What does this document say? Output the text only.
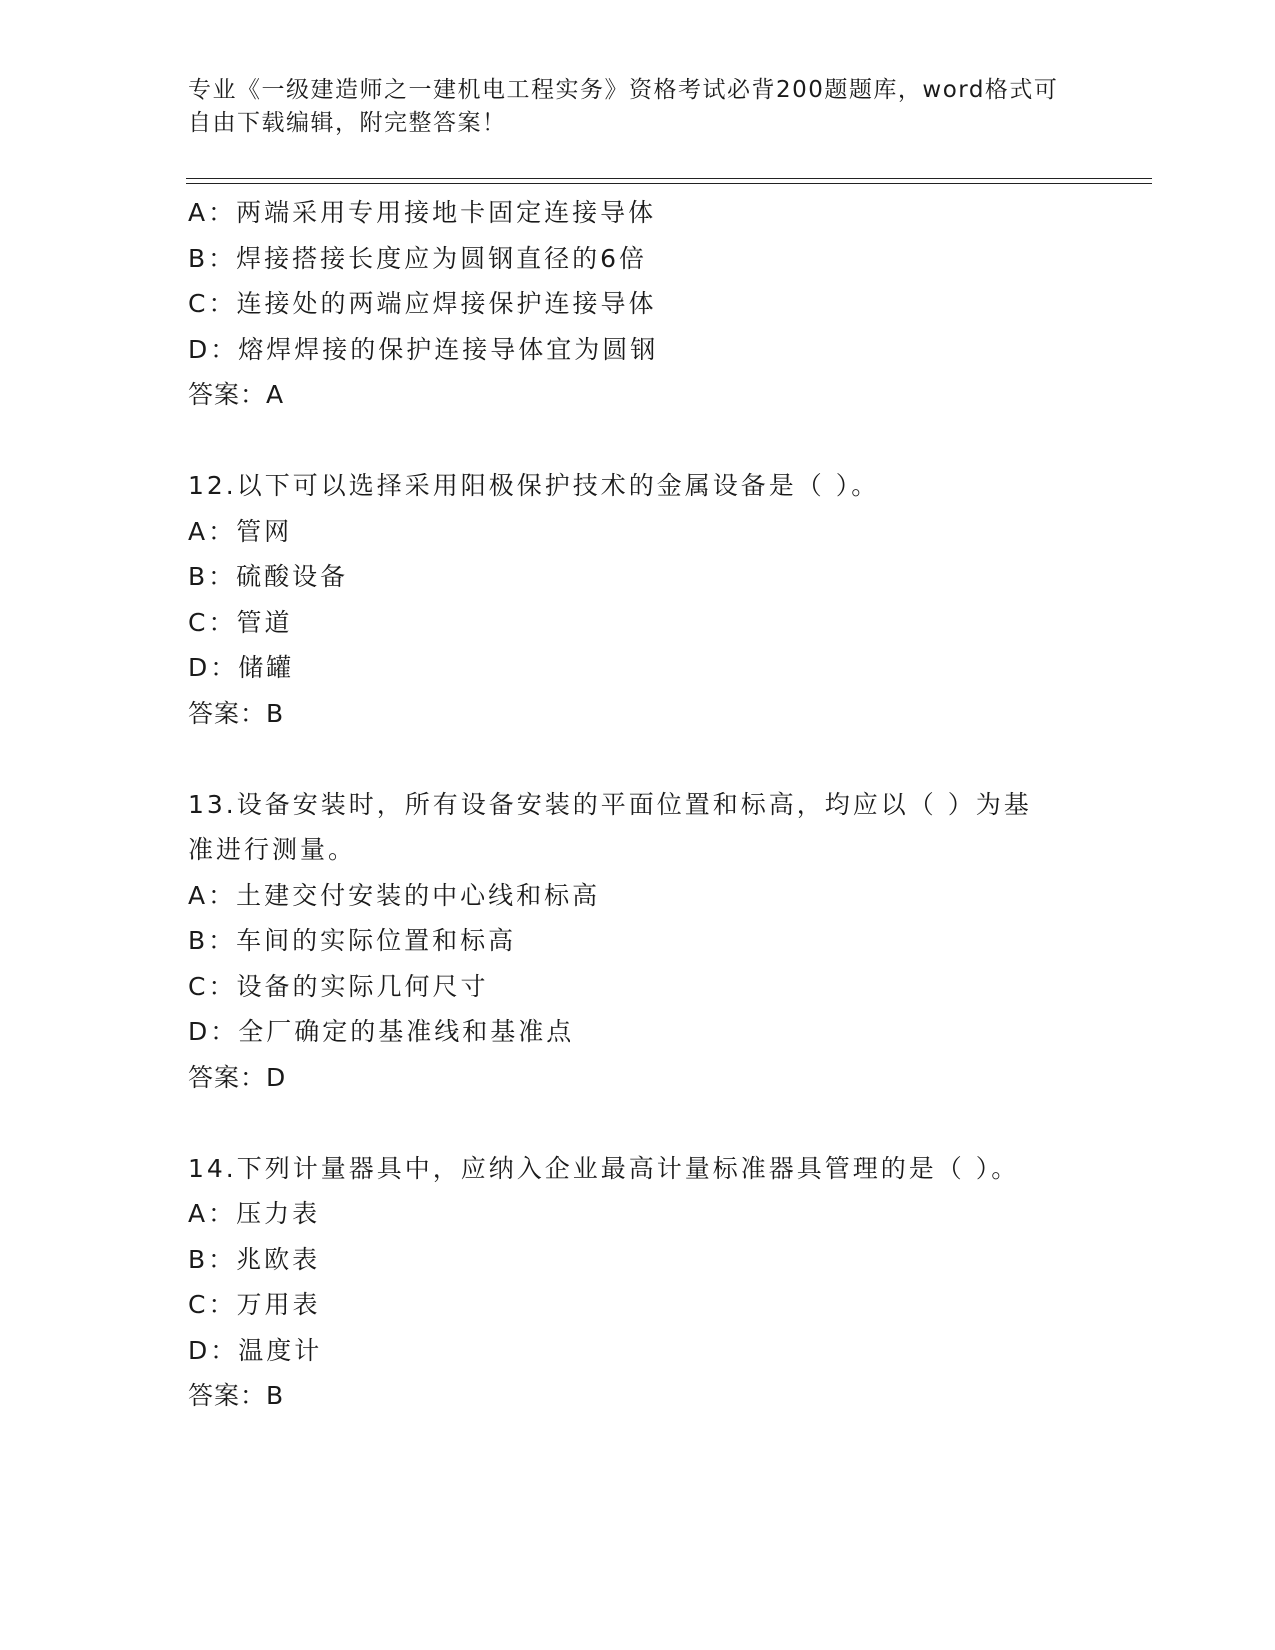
专业《一级建造师之一建机电工程实务》资格考试必背200题题库，word格式可
自由下载编辑，附完整答案！

A：两端采用专用接地卡固定连接导体

B：焊接搭接长度应为圆钢直径的6倍

C：连接处的两端应焊接保护连接导体

D：熔焊焊接的保护连接导体宜为圆钢

答案：A

12.以下可以选择采用阳极保护技术的金属设备是（ ）。

A：管网

B：硫酸设备

C：管道

D：储罐

答案：B

13.设备安装时，所有设备安装的平面位置和标高，均应以（ ）为基

准进行测量。

A：土建交付安装的中心线和标高

B：车间的实际位置和标高

C：设备的实际几何尺寸

D：全厂确定的基准线和基准点

答案：D

14.下列计量器具中，应纳入企业最高计量标准器具管理的是（ ）。

A：压力表

B：兆欧表

C：万用表

D：温度计

答案：B
